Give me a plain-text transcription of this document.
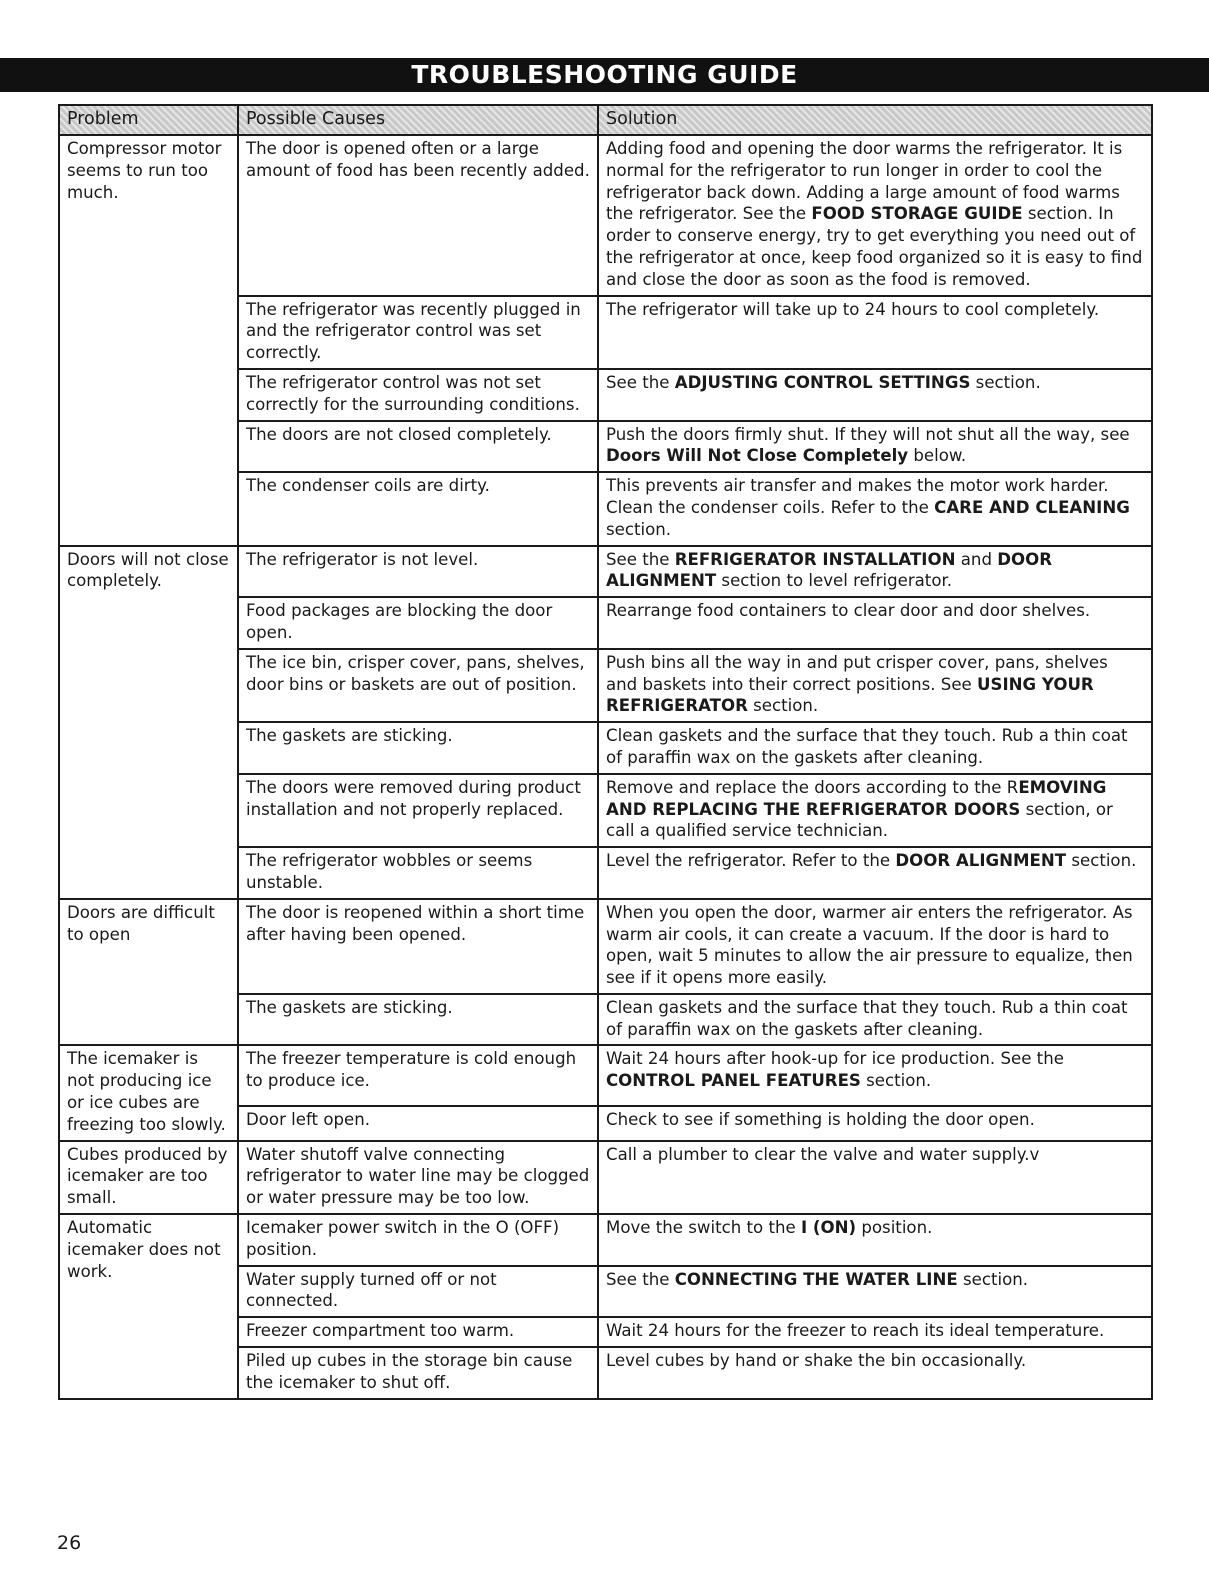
TROUBLESHOOTING GUIDE
Problem	Possible Causes	Solution
Compressor motor seems to run too much.	The door is opened often or a large amount of food has been recently added.	Adding food and opening the door warms the refrigerator. It is normal for the refrigerator to run longer in order to cool the refrigerator back down. Adding a large amount of food warms the refrigerator. See the FOOD STORAGE GUIDE section. In order to conserve energy, try to get everything you need out of the refrigerator at once, keep food organized so it is easy to find and close the door as soon as the food is removed.
	The refrigerator was recently plugged in and the refrigerator control was set correctly.	The refrigerator will take up to 24 hours to cool completely.
	The refrigerator control was not set correctly for the surrounding conditions.	See the ADJUSTING CONTROL SETTINGS section.
	The doors are not closed completely.	Push the doors firmly shut. If they will not shut all the way, see Doors Will Not Close Completely below.
	The condenser coils are dirty.	This prevents air transfer and makes the motor work harder. Clean the condenser coils. Refer to the CARE AND CLEANING section.
Doors will not close completely.	The refrigerator is not level.	See the REFRIGERATOR INSTALLATION and DOOR ALIGNMENT section to level refrigerator.
	Food packages are blocking the door open.	Rearrange food containers to clear door and door shelves.
	The ice bin, crisper cover, pans, shelves, door bins or baskets are out of position.	Push bins all the way in and put crisper cover, pans, shelves and baskets into their correct positions. See USING YOUR REFRIGERATOR section.
	The gaskets are sticking.	Clean gaskets and the surface that they touch. Rub a thin coat of paraffin wax on the gaskets after cleaning.
	The doors were removed during product installation and not properly replaced.	Remove and replace the doors according to the REMOVING AND REPLACING THE REFRIGERATOR DOORS section, or call a qualified service technician.
	The refrigerator wobbles or seems unstable.	Level the refrigerator. Refer to the DOOR ALIGNMENT section.
Doors are difficult to open	The door is reopened within a short time after having been opened.	When you open the door, warmer air enters the refrigerator. As warm air cools, it can create a vacuum. If the door is hard to open, wait 5 minutes to allow the air pressure to equalize, then see if it opens more easily.
	The gaskets are sticking.	Clean gaskets and the surface that they touch. Rub a thin coat of paraffin wax on the gaskets after cleaning.
The icemaker is not producing ice or ice cubes are freezing too slowly.	The freezer temperature is cold enough to produce ice.	Wait 24 hours after hook-up for ice production. See the CONTROL PANEL FEATURES section.
	Door left open.	Check to see if something is holding the door open.
Cubes produced by icemaker are too small.	Water shutoff valve connecting refrigerator to water line may be clogged or water pressure may be too low.	Call a plumber to clear the valve and water supply.v
Automatic icemaker does not work.	Icemaker power switch in the O (OFF) position.	Move the switch to the I (ON) position.
	Water supply turned off or not connected.	See the CONNECTING THE WATER LINE section.
	Freezer compartment too warm.	Wait 24 hours for the freezer to reach its ideal temperature.
	Piled up cubes in the storage bin cause the icemaker to shut off.	Level cubes by hand or shake the bin occasionally.
26
